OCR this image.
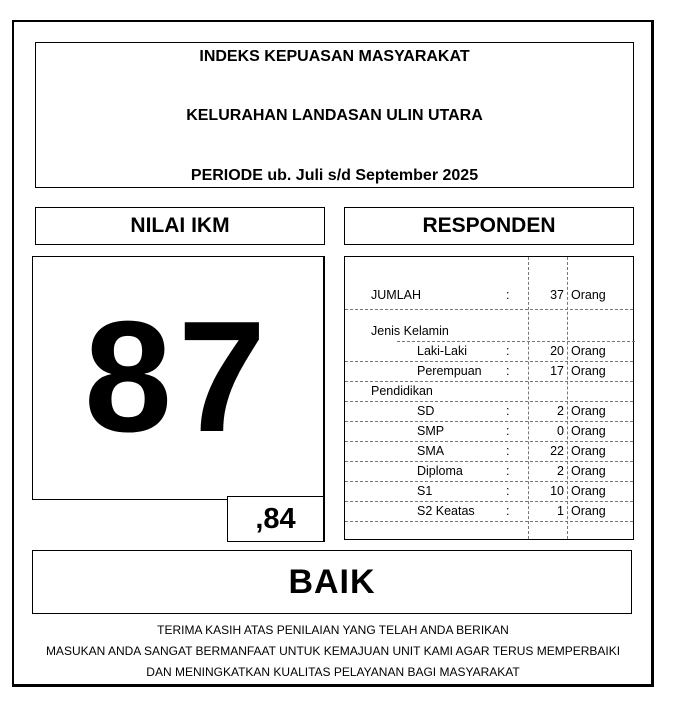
INDEKS KEPUASAN MASYARAKAT
KELURAHAN LANDASAN ULIN UTARA
PERIODE ub. Juli s/d September 2025
NILAI IKM	RESPONDEN
87
,84
JUMLAH	:	37 Orang
Jenis Kelamin
Laki-Laki	:	20 Orang
Perempuan :	17 Orang
Pendidikan
SD	:	2 Orang
SMP	:	0 Orang
SMA	:	22 Orang
Diploma	:	2 Orang
S1	:	10 Orang
S2 Keatas	:	1 Orang
BAIK
TERIMA KASIH ATAS PENILAIAN YANG TELAH ANDA BERIKAN
MASUKAN ANDA SANGAT BERMANFAAT UNTUK KEMAJUAN UNIT KAMI AGAR TERUS MEMPERBAIKI
DAN MENINGKATKAN KUALITAS PELAYANAN BAGI MASYARAKAT
